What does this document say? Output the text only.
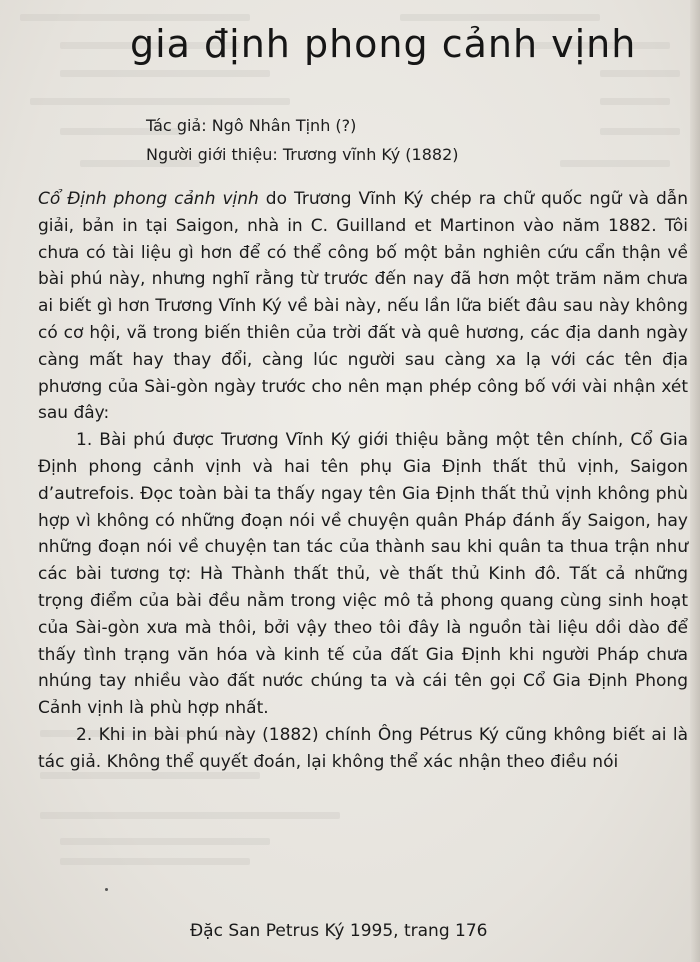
gia định phong cảnh vịnh
Tác giả: Ngô Nhân Tịnh (?)
Người giới thiệu: Trương vĩnh Ký (1882)

Cổ Định phong cảnh vịnh do Trương Vĩnh Ký chép ra chữ quốc ngữ và dẫn giải, bản in tại Saigon, nhà in C. Guilland et Martinon vào năm 1882. Tôi chưa có tài liệu gì hơn để có thể công bố một bản nghiên cứu cẩn thận về bài phú này, nhưng nghĩ rằng từ trước đến nay đã hơn một trăm năm chưa ai biết gì hơn Trương Vĩnh Ký về bài này, nếu lần lữa biết đâu sau này không có cơ hội, vã trong biến thiên của trời đất và quê hương, các địa danh ngày càng mất hay thay đổi, càng lúc người sau càng xa lạ với các tên địa phương của Sài-gòn ngày trước cho nên mạn phép công bố với vài nhận xét sau đây:

1. Bài phú được Trương Vĩnh Ký giới thiệu bằng một tên chính, Cổ Gia Định phong cảnh vịnh và hai tên phụ Gia Định thất thủ vịnh, Saigon d’autrefois. Đọc toàn bài ta thấy ngay tên Gia Định thất thủ vịnh không phù hợp vì không có những đoạn nói về chuyện quân Pháp đánh ấy Saigon, hay những đoạn nói về chuyện tan tác của thành sau khi quân ta thua trận như các bài tương tợ: Hà Thành thất thủ, vè thất thủ Kinh đô. Tất cả những trọng điểm của bài đều nằm trong việc mô tả phong quang cùng sinh hoạt của Sài-gòn xưa mà thôi, bởi vậy theo tôi đây là nguồn tài liệu dồi dào để thấy tình trạng văn hóa và kinh tế của đất Gia Định khi người Pháp chưa nhúng tay nhiều vào đất nước chúng ta và cái tên gọi Cổ Gia Định Phong Cảnh vịnh là phù hợp nhất.

2. Khi in bài phú này (1882) chính Ông Pétrus Ký cũng không biết ai là tác giả. Không thể quyết đoán, lại không thể xác nhận theo điều nói

Đặc San Petrus Ký 1995, trang 176
